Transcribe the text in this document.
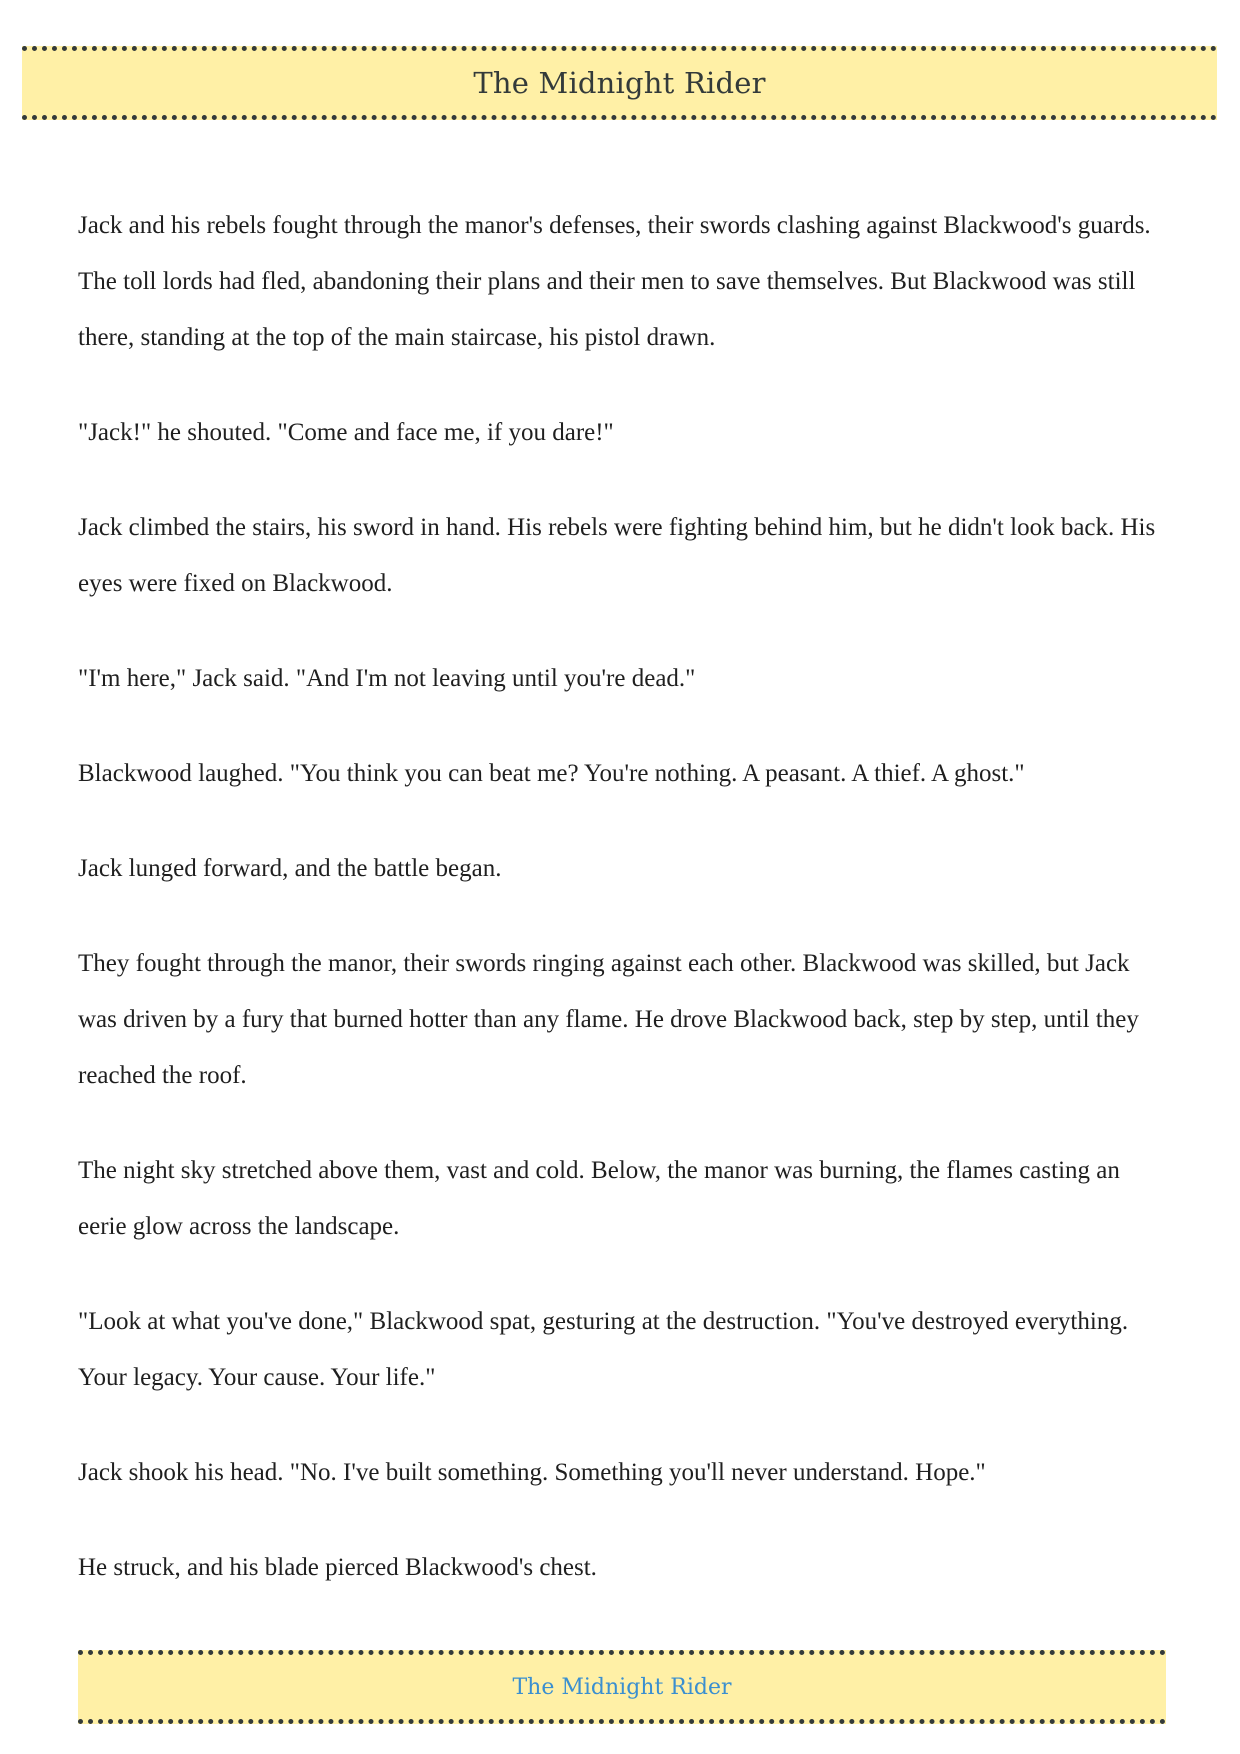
The Midnight Rider

Jack and his rebels fought through the manor's defenses, their swords clashing against Blackwood's guards. The toll lords had fled, abandoning their plans and their men to save themselves. But Blackwood was still there, standing at the top of the main staircase, his pistol drawn.

"Jack!" he shouted. "Come and face me, if you dare!"

Jack climbed the stairs, his sword in hand. His rebels were fighting behind him, but he didn't look back. His eyes were fixed on Blackwood.

"I'm here," Jack said. "And I'm not leaving until you're dead."

Blackwood laughed. "You think you can beat me? You're nothing. A peasant. A thief. A ghost."

Jack lunged forward, and the battle began.

They fought through the manor, their swords ringing against each other. Blackwood was skilled, but Jack was driven by a fury that burned hotter than any flame. He drove Blackwood back, step by step, until they reached the roof.

The night sky stretched above them, vast and cold. Below, the manor was burning, the flames casting an eerie glow across the landscape.

"Look at what you've done," Blackwood spat, gesturing at the destruction. "You've destroyed everything. Your legacy. Your cause. Your life."

Jack shook his head. "No. I've built something. Something you'll never understand. Hope."

He struck, and his blade pierced Blackwood's chest.

The Midnight Rider
